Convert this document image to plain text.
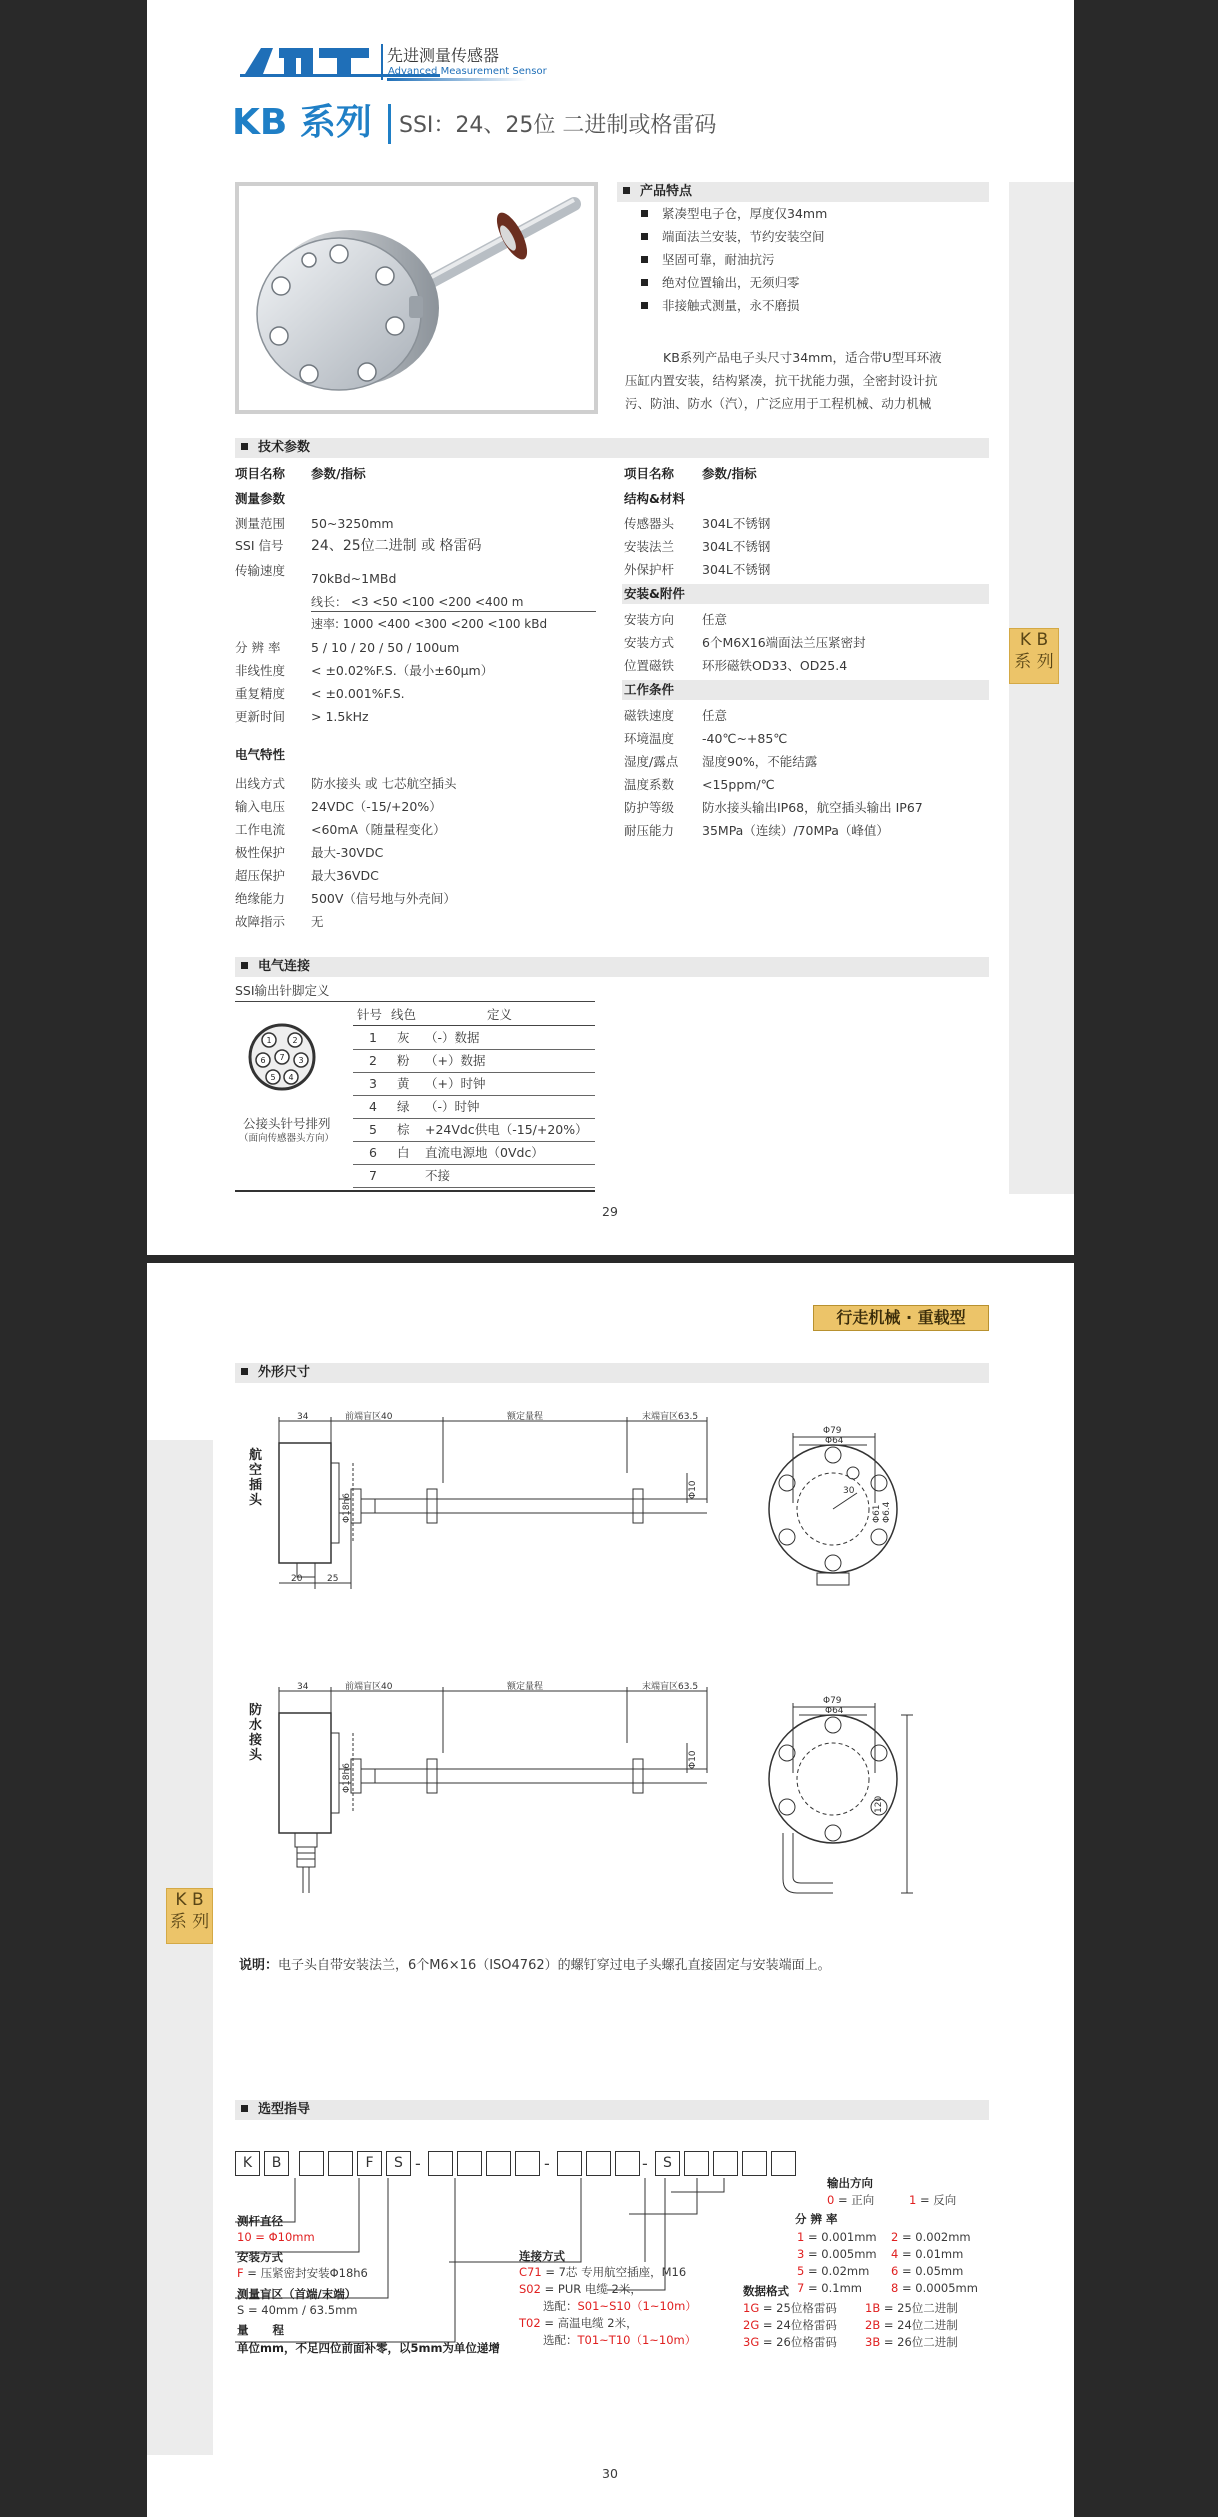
先进测量传感器
Advanced Measurement Sensor
KB 系列 SSI：24、25位 二进制或格雷码
K B
系 列
产品特点
紧凑型电子仓，厚度仅34mm
端面法兰安装，节约安装空间
坚固可靠，耐油抗污
绝对位置输出，无须归零
非接触式测量，永不磨损
KB系列产品电子头尺寸34mm，适合带U型耳环液
压缸内置安装，结构紧凑，抗干扰能力强，全密封设计抗
污、防油、防水（汽），广泛应用于工程机械、动力机械
技术参数
项目名称 参数/指标
测量参数
测量范围 50~3250mm
SSI 信号 24、25位二进制 或 格雷码
传输速度
70kBd~1MBd
线长： <3 <50 <100 <200 <400 m
速率: 1000 <400 <300 <200 <100 kBd
分 辨 率 5 / 10 / 20 / 50 / 100um
非线性度 < ±0.02%F.S.（最小±60μm）
重复精度 < ±0.001%F.S.
更新时间 > 1.5kHz
电气特性
出线方式 防水接头 或 七芯航空插头
输入电压 24VDC（-15/+20%）
工作电流 <60mA（随量程变化）
极性保护 最大-30VDC
超压保护 最大36VDC
绝缘能力 500V（信号地与外壳间）
故障指示 无
项目名称 参数/指标
结构&材料
传感器头 304L不锈钢
安装法兰 304L不锈钢
外保护杆 304L不锈钢
安装&附件
安装方向 任意
安装方式 6个M6X16端面法兰压紧密封
位置磁铁 环形磁铁OD33、OD25.4
工作条件
磁铁速度 任意
环境温度 -40℃~+85℃
湿度/露点 湿度90%，不能结露
温度系数 <15ppm/℃
防护等级 防水接头输出IP68，航空插头输出 IP67
耐压能力 35MPa（连续）/70MPa（峰值）
电气连接
SSI输出针脚定义
1	2
3
4
5
6 7
公接头针号排列
（面向传感器头方向）
针号 线色	定义
29
1 灰 （-）数据
2 粉 （+）数据
3 黄 （+）时钟
4 绿 （-）时钟
5 棕 +24Vdc供电（-15/+20%）
6 白 直流电源地（0Vdc）
7	不接
K B
系 列
行走机械 · 重载型
外形尺寸
航空插头
34	前端盲区40	额定量程	末端盲区63.5
20	25
Φ18h6
Φ10
Φ79
Φ64
30
Φ61 Φ6.4
防水接头
34	前端盲区40	额定量程	末端盲区63.5
Φ18h6
Φ10
Φ79
Φ64
120
说明：电子头自带安装法兰，6个M6×16（ISO4762）的螺钉穿过电子头螺孔直接固定与安装端面上。
选型指导
测杆直径
10 = Φ10mm
安装方式
F = 压紧密封安装Φ18h6
测量盲区（首端/末端）
S = 40mm / 63.5mm
量      程
单位mm，不足四位前面补零，以5mm为单位递增
连接方式
C71 = 7芯 专用航空插座，M16
S02 = PUR 电缆 2米，
选配：S01~S10（1~10m）
T02 = 高温电缆 2米，
选配：T01~T10（1~10m）
数据格式
分 辨 率
输出方向
0 = 正向	1 = 反向
30
K	B	F	S -	-	-	S
1G = 25位格雷码 1B = 25位二进制
2G = 24位格雷码 2B = 24位二进制
3G = 26位格雷码 3B = 26位二进制
1 = 0.001mm 2 = 0.002mm
3 = 0.005mm 4 = 0.01mm
5 = 0.02mm 6 = 0.05mm
7 = 0.1mm	8 = 0.0005mm
